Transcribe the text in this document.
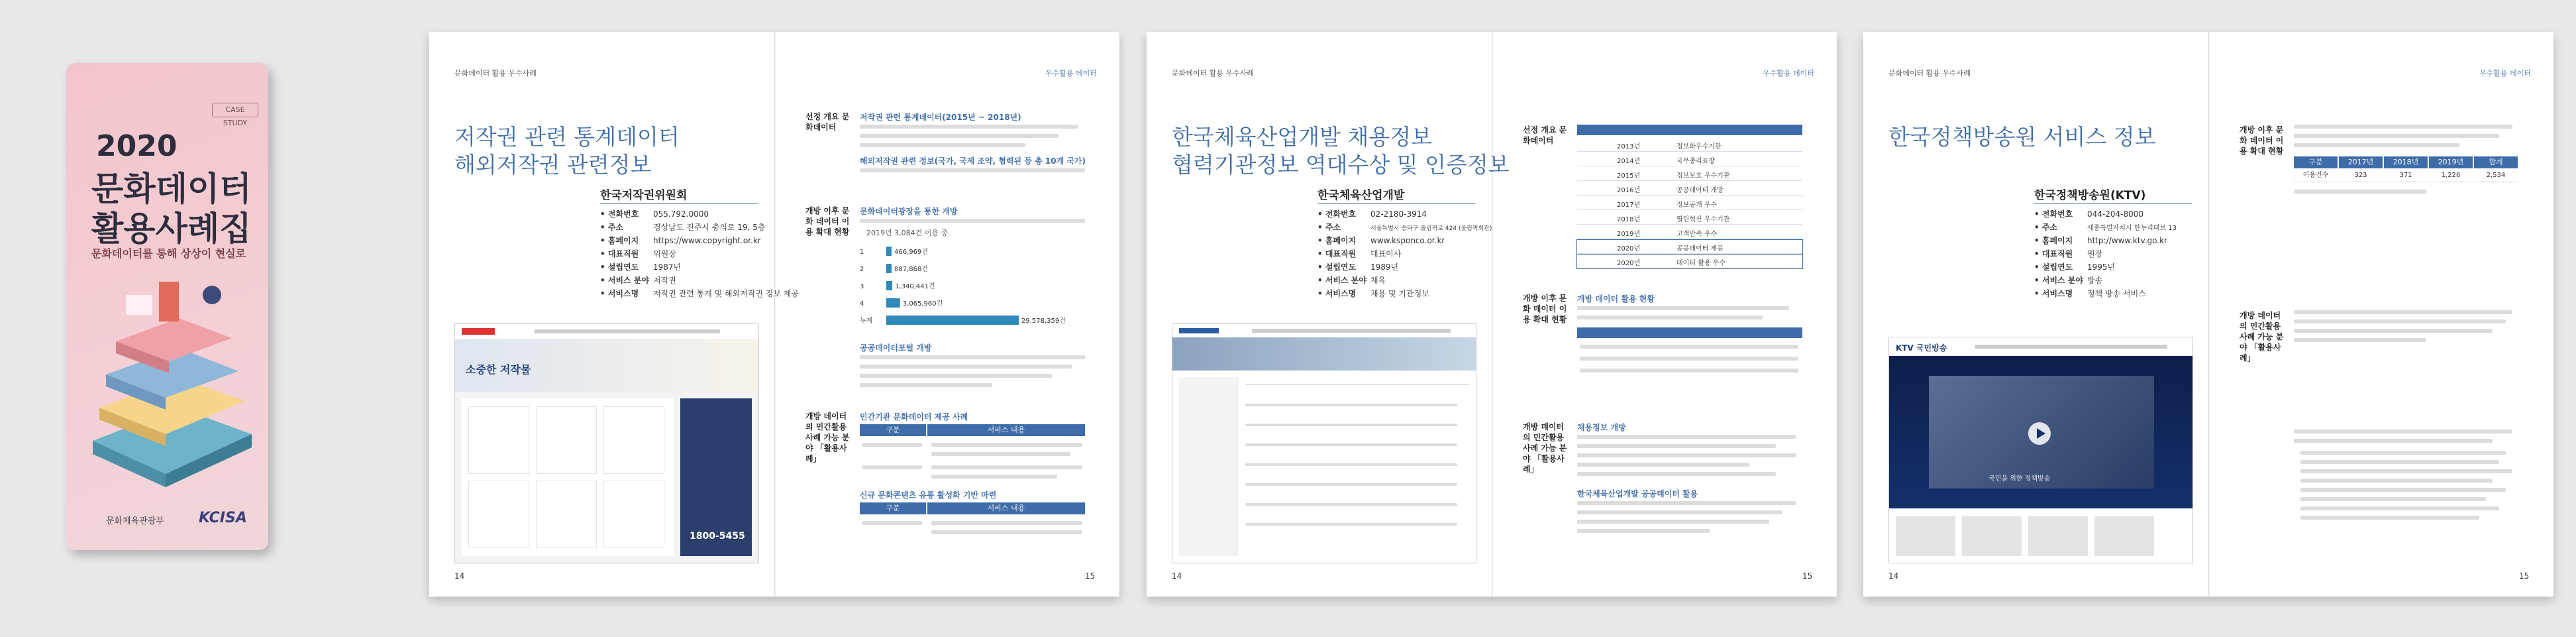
CASE STUDY
2020
문화데이터
활용사례집
문화데이터를 통해 상상이 현실로
문화체육관광부 KCISA
문화데이터 활용 우수사례
저작권 관련 통계데이터
해외저작권 관련정보
한국저작권위원회
• 전화번호 055.792.0000
• 주소	경상남도 진주시 충의로 19, 5층
• 홈페이지 https://www.copyright.or.kr
• 대표직원 위원장
• 설립연도 1987년
• 서비스 분야 저작권
• 서비스명 저작권 관련 통계 및 해외저작권 정보 제공
소중한 저작물
1800-5455
14
우수활용 데이터
선정 개요 문화데이터
저작권 관련 통계데이터(2015년 ~ 2018년)
해외저작권 관련 정보(국가, 국제 조약, 협력된 등 총 10개 국가)
개방 이후 문화 데이터 이용 확대 현황
문화데이터광장을 통한 개방
2019년 3,084건 이용 중
1	466,969건
2	887,868건
3	1,340,441건
4	3,065,960건
누계	29,578,359건
공공데이터포털 개방
개방 데이터의 민간활용사례 가능 분야 「활용사례」
민간기관 문화데이터 제공 사례
구분	서비스 내용
신규 문화콘텐츠 유통 활성화 기반 마련
구분	서비스 내용
15
문화데이터 활용 우수사례
한국체육산업개발 채용정보
협력기관정보 역대수상 및 인증정보
한국체육산업개발
• 전화번호 02-2180-3914
• 주소	서울특별시 송파구 올림픽로 424 (올림픽회관)
• 홈페이지 www.ksponco.or.kr
• 대표직원 대표이사
• 설립연도 1989년
• 서비스 분야 체육
• 서비스명 채용 및 기관정보
14
우수활용 데이터
선정 개요 문화데이터
2013년	정보화우수기관
2014년	국무총리표창
2015년	정보보호 우수기관
2016년	공공데이터 개방
2017년	정보공개 우수
2018년	열린혁신 우수기관
2019년	고객만족 우수
2020년	공공데이터 제공
2020년	데이터 활용 우수
개방 이후 문화 데이터 이용 확대 현황
개방 데이터 활용 현황
개방 데이터의 민간활용사례 가능 분야 「활용사례」
채용정보 개방
한국체육산업개발 공공데이터 활용
15
문화데이터 활용 우수사례
한국정책방송원 서비스 정보
한국정책방송원(KTV)
• 전화번호 044-204-8000
• 주소	세종특별자치시 한누리대로 13
• 홈페이지 http://www.ktv.go.kr
• 대표직원 원장
• 설립연도 1995년
• 서비스 분야 방송
• 서비스명 정책 방송 서비스
KTV 국민방송
국민을 위한 정책방송
14
우수활용 데이터
개방 이후 문화 데이터 이용 확대 현황
구분	2017년	2018년	2019년	합계
이용건수	323	371	1,226	2,534
개방 데이터의 민간활용사례 가능 분야 「활용사례」
15
